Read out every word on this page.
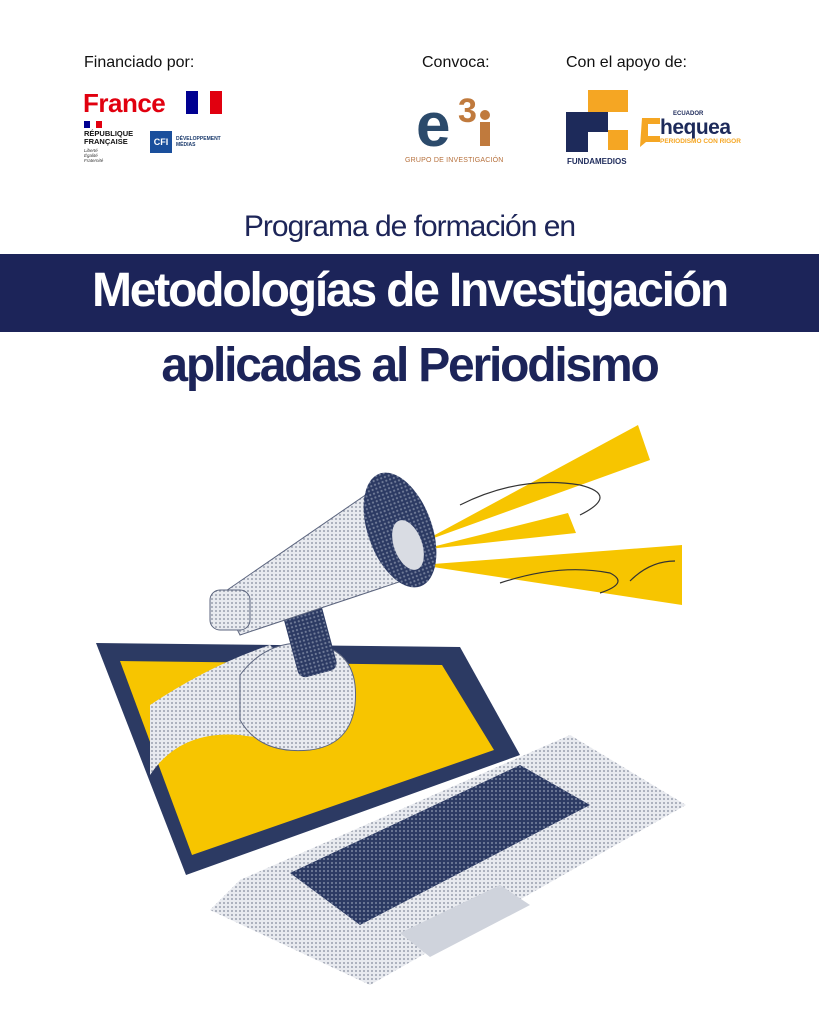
Financiado por:	Convoca:	Con el apoyo de:
France
RÉPUBLIQUE
FRANÇAISE
Liberté
Égalité
Fraternité
CFI	DÉVELOPPEMENT
MÉDIAS	e 3
GRUPO DE INVESTIGACIÓN	FUNDAMEDIOS
ECUADOR
hequea
PERIODISMO CON RIGOR
Programa de formación en
Metodologías de Investigación
aplicadas al Periodismo
